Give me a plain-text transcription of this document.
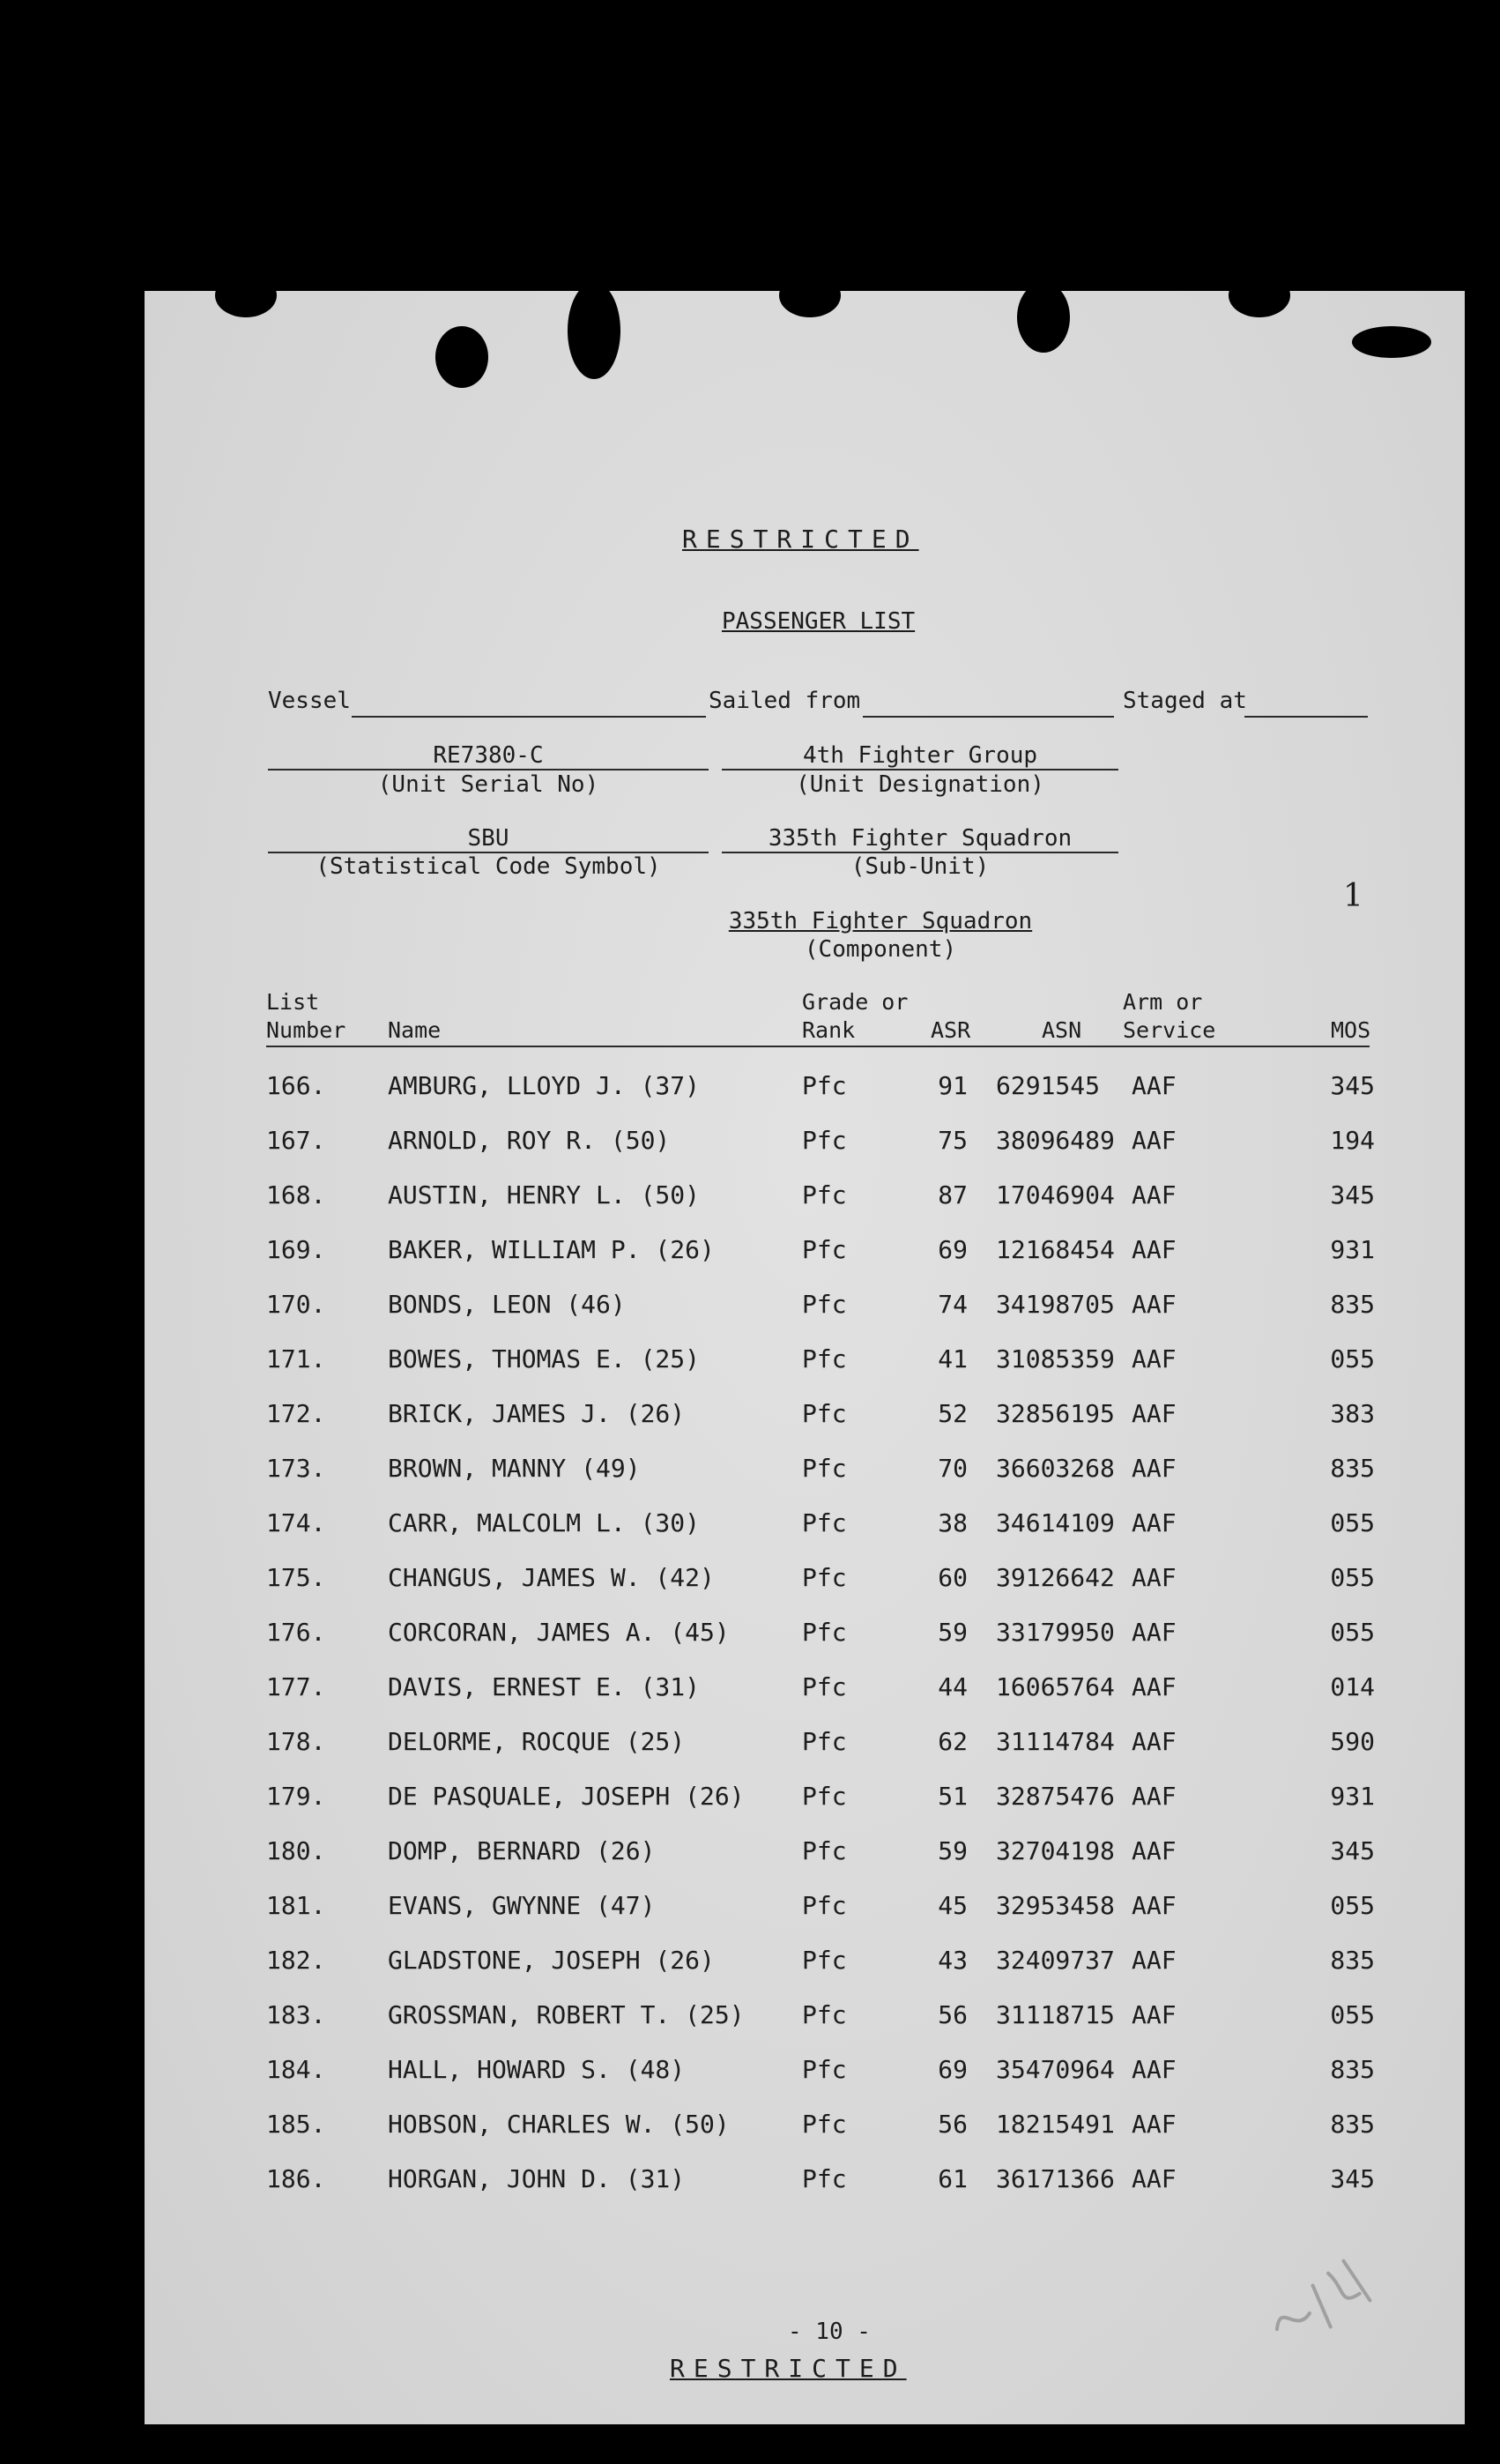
RESTRICTED
PASSENGER LIST
Vessel	Sailed from	Staged at
RE7380-C
(Unit Serial No)
4th Fighter Group
(Unit Designation)
SBU
(Statistical Code Symbol)
335th Fighter Squadron
(Sub-Unit)
335th Fighter Squadron
(Component)
1
List
Number Name
Grade or
Rank	ASR	ASN
Arm or
Service	MOS
166.	AMBURG, LLOYD J. (37)	Pfc	91 6291545 AAF	345
167.	ARNOLD, ROY R. (50)	Pfc	75 38096489 AAF	194
168.	AUSTIN, HENRY L. (50)	Pfc	87 17046904 AAF	345
169.	BAKER, WILLIAM P. (26)	Pfc	69 12168454 AAF	931
170.	BONDS, LEON (46)	Pfc	74 34198705 AAF	835
171.	BOWES, THOMAS E. (25)	Pfc	41 31085359 AAF	055
172.	BRICK, JAMES J. (26)	Pfc	52 32856195 AAF	383
173.	BROWN, MANNY (49)	Pfc	70 36603268 AAF	835
174.	CARR, MALCOLM L. (30)	Pfc	38 34614109 AAF	055
175.	CHANGUS, JAMES W. (42)	Pfc	60 39126642 AAF	055
176.	CORCORAN, JAMES A. (45)	Pfc	59 33179950 AAF	055
177.	DAVIS, ERNEST E. (31)	Pfc	44 16065764 AAF	014
178.	DELORME, ROCQUE (25)	Pfc	62 31114784 AAF	590
179.	DE PASQUALE, JOSEPH (26) Pfc	51 32875476 AAF	931
180.	DOMP, BERNARD (26)	Pfc	59 32704198 AAF	345
181.	EVANS, GWYNNE (47)	Pfc	45 32953458 AAF	055
182.	GLADSTONE, JOSEPH (26)	Pfc	43 32409737 AAF	835
183.	GROSSMAN, ROBERT T. (25) Pfc	56 31118715 AAF	055
184.	HALL, HOWARD S. (48)	Pfc	69 35470964 AAF	835
185.	HOBSON, CHARLES W. (50)	Pfc	56 18215491 AAF	835
186.	HORGAN, JOHN D. (31)	Pfc	61 36171366 AAF	345
- 10 -
RESTRICTED
